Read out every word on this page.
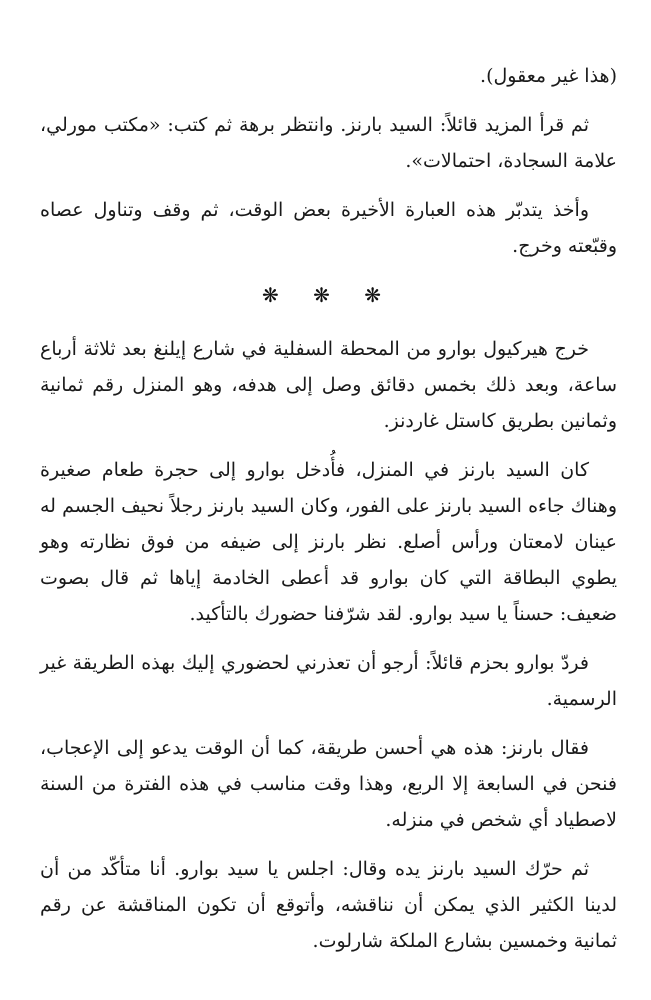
(هذا غير معقول).

ثم قرأ المزيد قائلاً: السيد بارنز. وانتظر برهة ثم كتب: «مكتب مورلي، علامة السجادة، احتمالات».

وأخذ يتدبّر هذه العبارة الأخيرة بعض الوقت، ثم وقف وتناول عصاه وقبّعته وخرج.

❋ ❋ ❋

خرج هيركيول بوارو من المحطة السفلية في شارع إيلنغ بعد ثلاثة أرباع ساعة، وبعد ذلك بخمس دقائق وصل إلى هدفه، وهو المنزل رقم ثمانية وثمانين بطريق كاستل غاردنز.

كان السيد بارنز في المنزل، فأُدخل بوارو إلى حجرة طعام صغيرة وهناك جاءه السيد بارنز على الفور، وكان السيد بارنز رجلاً نحيف الجسم له عينان لامعتان ورأس أصلع. نظر بارنز إلى ضيفه من فوق نظارته وهو يطوي البطاقة التي كان بوارو قد أعطى الخادمة إياها ثم قال بصوت ضعيف: حسناً يا سيد بوارو. لقد شرّفنا حضورك بالتأكيد.

فردّ بوارو بحزم قائلاً: أرجو أن تعذرني لحضوري إليك بهذه الطريقة غير الرسمية.

فقال بارنز: هذه هي أحسن طريقة، كما أن الوقت يدعو إلى الإعجاب، فنحن في السابعة إلا الربع، وهذا وقت مناسب في هذه الفترة من السنة لاصطياد أي شخص في منزله.

ثم حرّك السيد بارنز يده وقال: اجلس يا سيد بوارو. أنا متأكّد من أن لدينا الكثير الذي يمكن أن نناقشه، وأتوقع أن تكون المناقشة عن رقم ثمانية وخمسين بشارع الملكة شارلوت.
